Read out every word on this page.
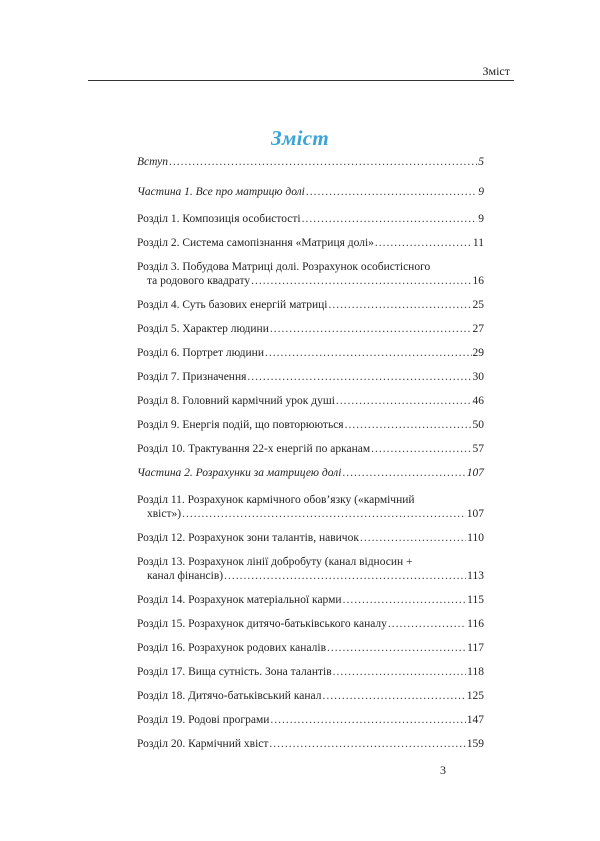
Зміст
Зміст
Вступ .....	5
Частина 1. Все про матрицю долі .....	9
Розділ 1. Композиція особистості .....	9
Розділ 2. Система самопізнання «Матриця долі» .....	11
Розділ 3. Побудова Матриці долі. Розрахунок особистісного
та родового квадрату .....	16
Розділ 4. Суть базових енергій матриці .....	25
Розділ 5. Характер людини .....	27
Розділ 6. Портрет людини .....	29
Розділ 7. Призначення .....	30
Розділ 8. Головний кармічний урок душі .....	46
Розділ 9. Енергія подій, що повторюються .....	50
Розділ 10. Трактування 22-х енергій по арканам .....	57
Частина 2. Розрахунки за матрицею долі .....	107
Розділ 11. Розрахунок кармічного обов’язку («кармічний
хвіст») .....	107
Розділ 12. Розрахунок зони талантів, навичок .....	110
Розділ 13. Розрахунок лінії добробуту (канал відносин +
канал фінансів) .....	113
Розділ 14. Розрахунок матеріальної карми .....	115
Розділ 15. Розрахунок дитячо-батьківського каналу .....	116
Розділ 16. Розрахунок родових каналів .....	117
Розділ 17. Вища сутність. Зона талантів .....	118
Розділ 18. Дитячо-батьківський канал .....	125
Розділ 19. Родові програми .....	147
Розділ 20. Кармічний хвіст .....	159
3
